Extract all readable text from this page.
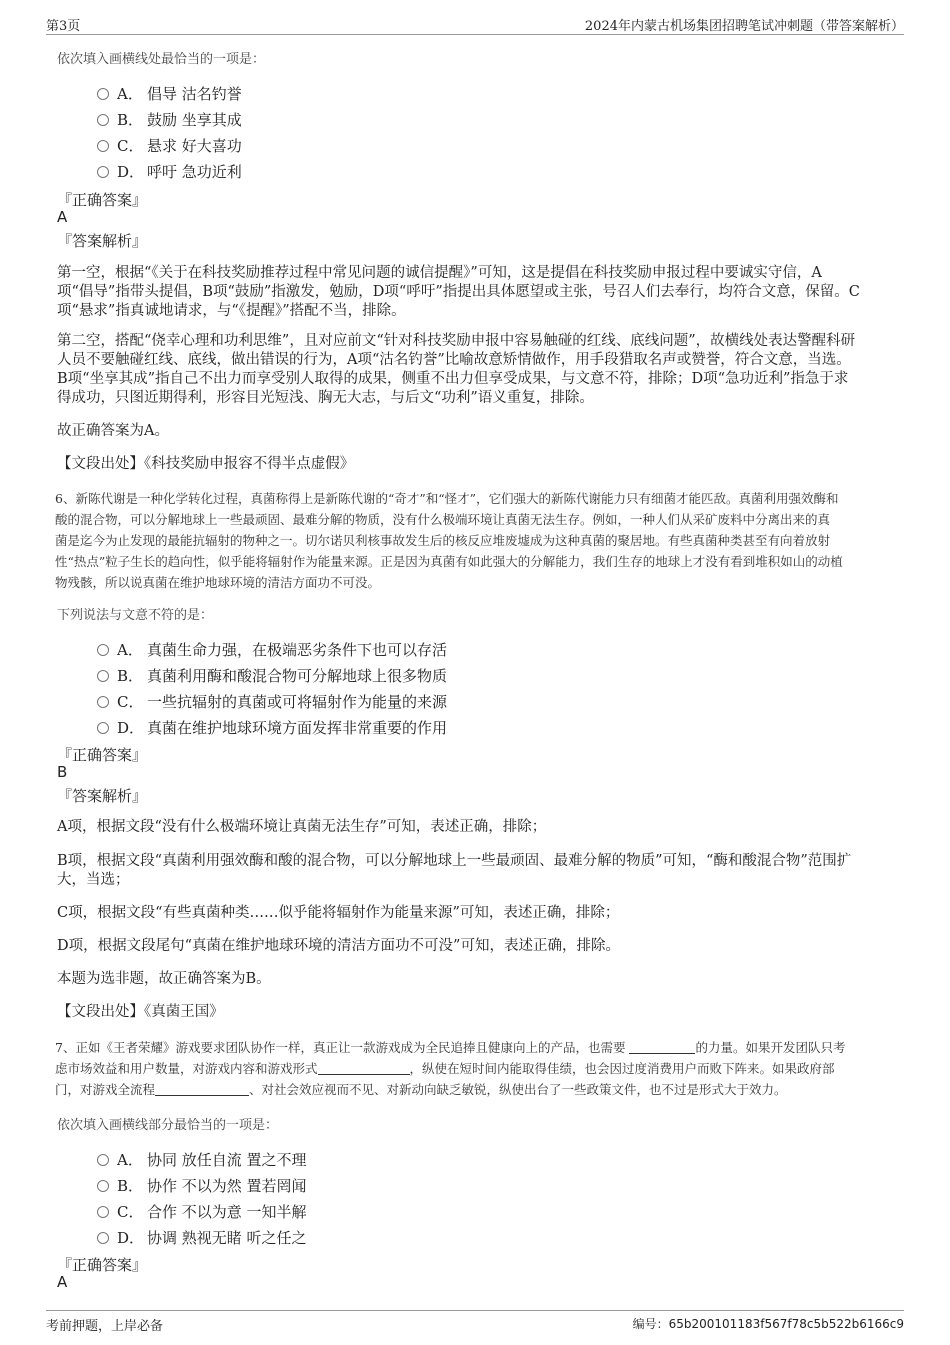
第3页	2024年内蒙古机场集团招聘笔试冲刺题（带答案解析）
依次填入画横线处最恰当的一项是：
A． 倡导 沽名钓誉
B． 鼓励 坐享其成
C． 悬求 好大喜功
D． 呼吁 急功近利
『正确答案』
A
『答案解析』
第一空，根据“《关于在科技奖励推荐过程中常见问题的诚信提醒》”可知，这是提倡在科技奖励申报过程中要诚实守信，A
项“倡导”指带头提倡，B项“鼓励”指激发，勉励，D项“呼吁”指提出具体愿望或主张，号召人们去奉行，均符合文意，保留。C
项“悬求”指真诚地请求，与“《提醒》”搭配不当，排除。
第二空，搭配“侥幸心理和功利思维”，且对应前文“针对科技奖励申报中容易触碰的红线、底线问题”，故横线处表达警醒科研
人员不要触碰红线、底线，做出错误的行为，A项“沽名钓誉”比喻故意矫情做作，用手段猎取名声或赞誉，符合文意，当选。
B项“坐享其成”指自己不出力而享受别人取得的成果，侧重不出力但享受成果，与文意不符，排除；D项“急功近利”指急于求
得成功，只图近期得利，形容目光短浅、胸无大志，与后文“功利”语义重复，排除。
故正确答案为A。
【文段出处】《科技奖励申报容不得半点虚假》
6、新陈代谢是一种化学转化过程，真菌称得上是新陈代谢的“奇才”和“怪才”，它们强大的新陈代谢能力只有细菌才能匹敌。真菌利用强效酶和
酸的混合物，可以分解地球上一些最顽固、最难分解的物质，没有什么极端环境让真菌无法生存。例如，一种人们从采矿废料中分离出来的真
菌是迄今为止发现的最能抗辐射的物种之一。切尔诺贝利核事故发生后的核反应堆废墟成为这种真菌的聚居地。有些真菌种类甚至有向着放射
性“热点”粒子生长的趋向性，似乎能将辐射作为能量来源。正是因为真菌有如此强大的分解能力，我们生存的地球上才没有看到堆积如山的动植
物残骸，所以说真菌在维护地球环境的清洁方面功不可没。
下列说法与文意不符的是：
A． 真菌生命力强，在极端恶劣条件下也可以存活
B． 真菌利用酶和酸混合物可分解地球上很多物质
C． 一些抗辐射的真菌或可将辐射作为能量的来源
D． 真菌在维护地球环境方面发挥非常重要的作用
『正确答案』
B
『答案解析』
A项，根据文段“没有什么极端环境让真菌无法生存”可知，表述正确，排除；
B项，根据文段“真菌利用强效酶和酸的混合物，可以分解地球上一些最顽固、最难分解的物质”可知，“酶和酸混合物”范围扩
大，当选；
C项，根据文段“有些真菌种类……似乎能将辐射作为能量来源”可知，表述正确，排除；
D项，根据文段尾句“真菌在维护地球环境的清洁方面功不可没”可知，表述正确，排除。
本题为选非题，故正确答案为B。
【文段出处】《真菌王国》
7、正如《王者荣耀》游戏要求团队协作一样，真正让一款游戏成为全民追捧且健康向上的产品，也需要	的力量。如果开发团队只考
虑市场效益和用户数量，对游戏内容和游戏形式	，纵使在短时间内能取得佳绩，也会因过度消费用户而败下阵来。如果政府部
门，对游戏全流程	、对社会效应视而不见、对新动向缺乏敏锐，纵使出台了一些政策文件，也不过是形式大于效力。
依次填入画横线部分最恰当的一项是：
A． 协同 放任自流 置之不理
B． 协作 不以为然 置若罔闻
C． 合作 不以为意 一知半解
D． 协调 熟视无睹 听之任之
『正确答案』
A
考前押题，上岸必备	编号：65b200101183f567f78c5b522b6166c9
